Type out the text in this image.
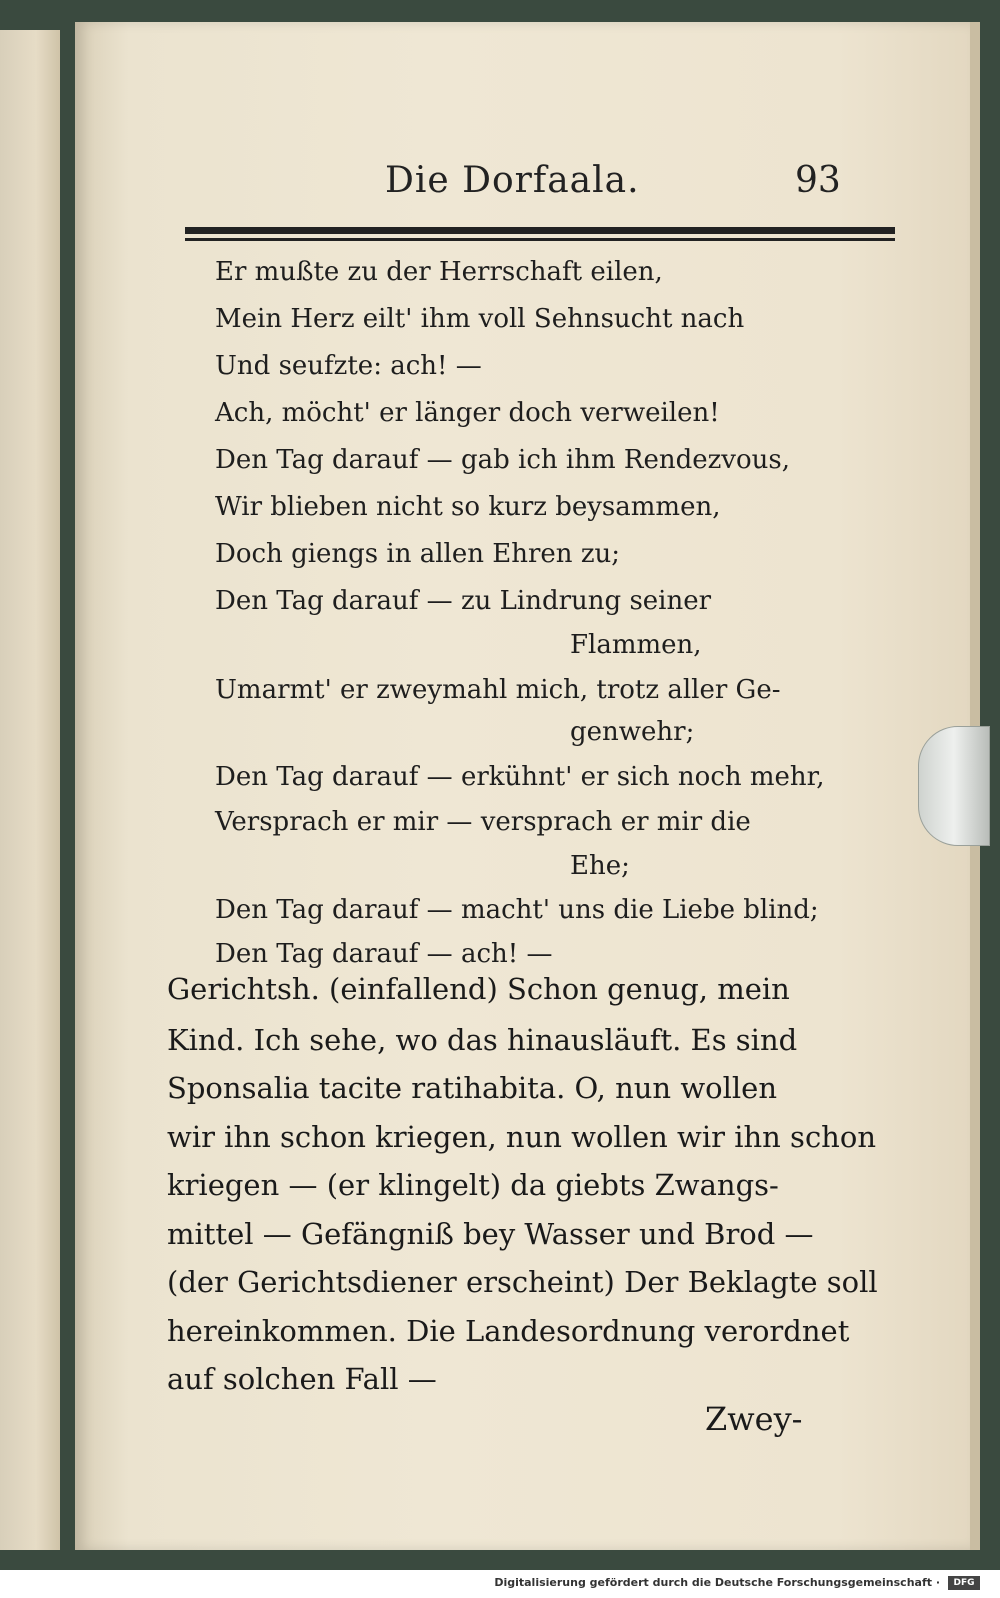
Die Dorfaala.	93
Er mußte zu der Herrschaft eilen,
Mein Herz eilt' ihm voll Sehnsucht nach
Und seufzte: ach! —
Ach, möcht' er länger doch verweilen!
Den Tag darauf — gab ich ihm Rendezvous,
Wir blieben nicht so kurz beysammen,
Doch giengs in allen Ehren zu;
Den Tag darauf — zu Lindrung seiner
Flammen,
Umarmt' er zweymahl mich, trotz aller Ge-
genwehr;
Den Tag darauf — erkühnt' er sich noch mehr,
Versprach er mir — versprach er mir die
Ehe;
Den Tag darauf — macht' uns die Liebe blind;
Den Tag darauf — ach! —
Gerichtsh. (einfallend) Schon genug, mein
Kind. Ich sehe, wo das hinausläuft. Es sind
Sponsalia tacite ratihabita. O, nun wollen
wir ihn schon kriegen, nun wollen wir ihn schon
kriegen — (er klingelt) da giebts Zwangs-
mittel — Gefängniß bey Wasser und Brod —
(der Gerichtsdiener erscheint) Der Beklagte soll
hereinkommen. Die Landesordnung verordnet
auf solchen Fall —
Zwey-
Digitalisierung gefördert durch die Deutsche Forschungsgemeinschaft ·	DFG
